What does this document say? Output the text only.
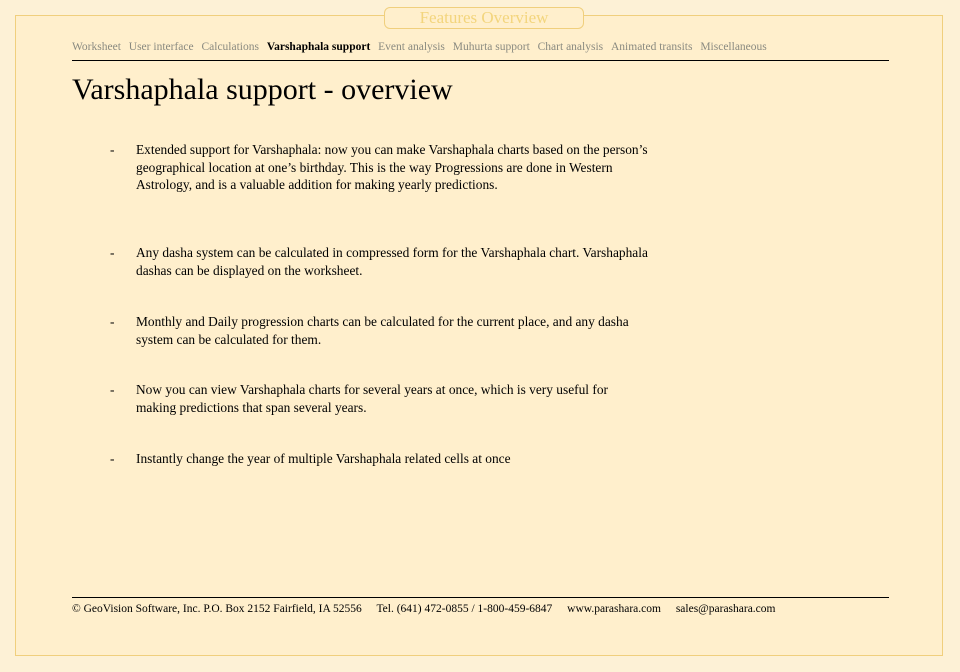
Features Overview
Worksheet User interface Calculations Varshaphala support Event analysis Muhurta support Chart analysis Animated transits Miscellaneous
Varshaphala support - overview
- Extended support for Varshaphala: now you can make Varshaphala charts based on the person’s geographical location at one’s birthday. This is the way Progressions are done in Western Astrology, and is a valuable addition for making yearly predictions.
- Any dasha system can be calculated in compressed form for the Varshaphala chart. Varshaphala dashas can be displayed on the worksheet.
- Monthly and Daily progression charts can be calculated for the current place, and any dasha system can be calculated for them.
- Now you can view Varshaphala charts for several years at once, which is very useful for making predictions that span several years.
- Instantly change the year of multiple Varshaphala related cells at once
© GeoVision Software, Inc. P.O. Box 2152 Fairfield, IA 52556 Tel. (641) 472-0855 / 1-800-459-6847 www.parashara.com sales@parashara.com
